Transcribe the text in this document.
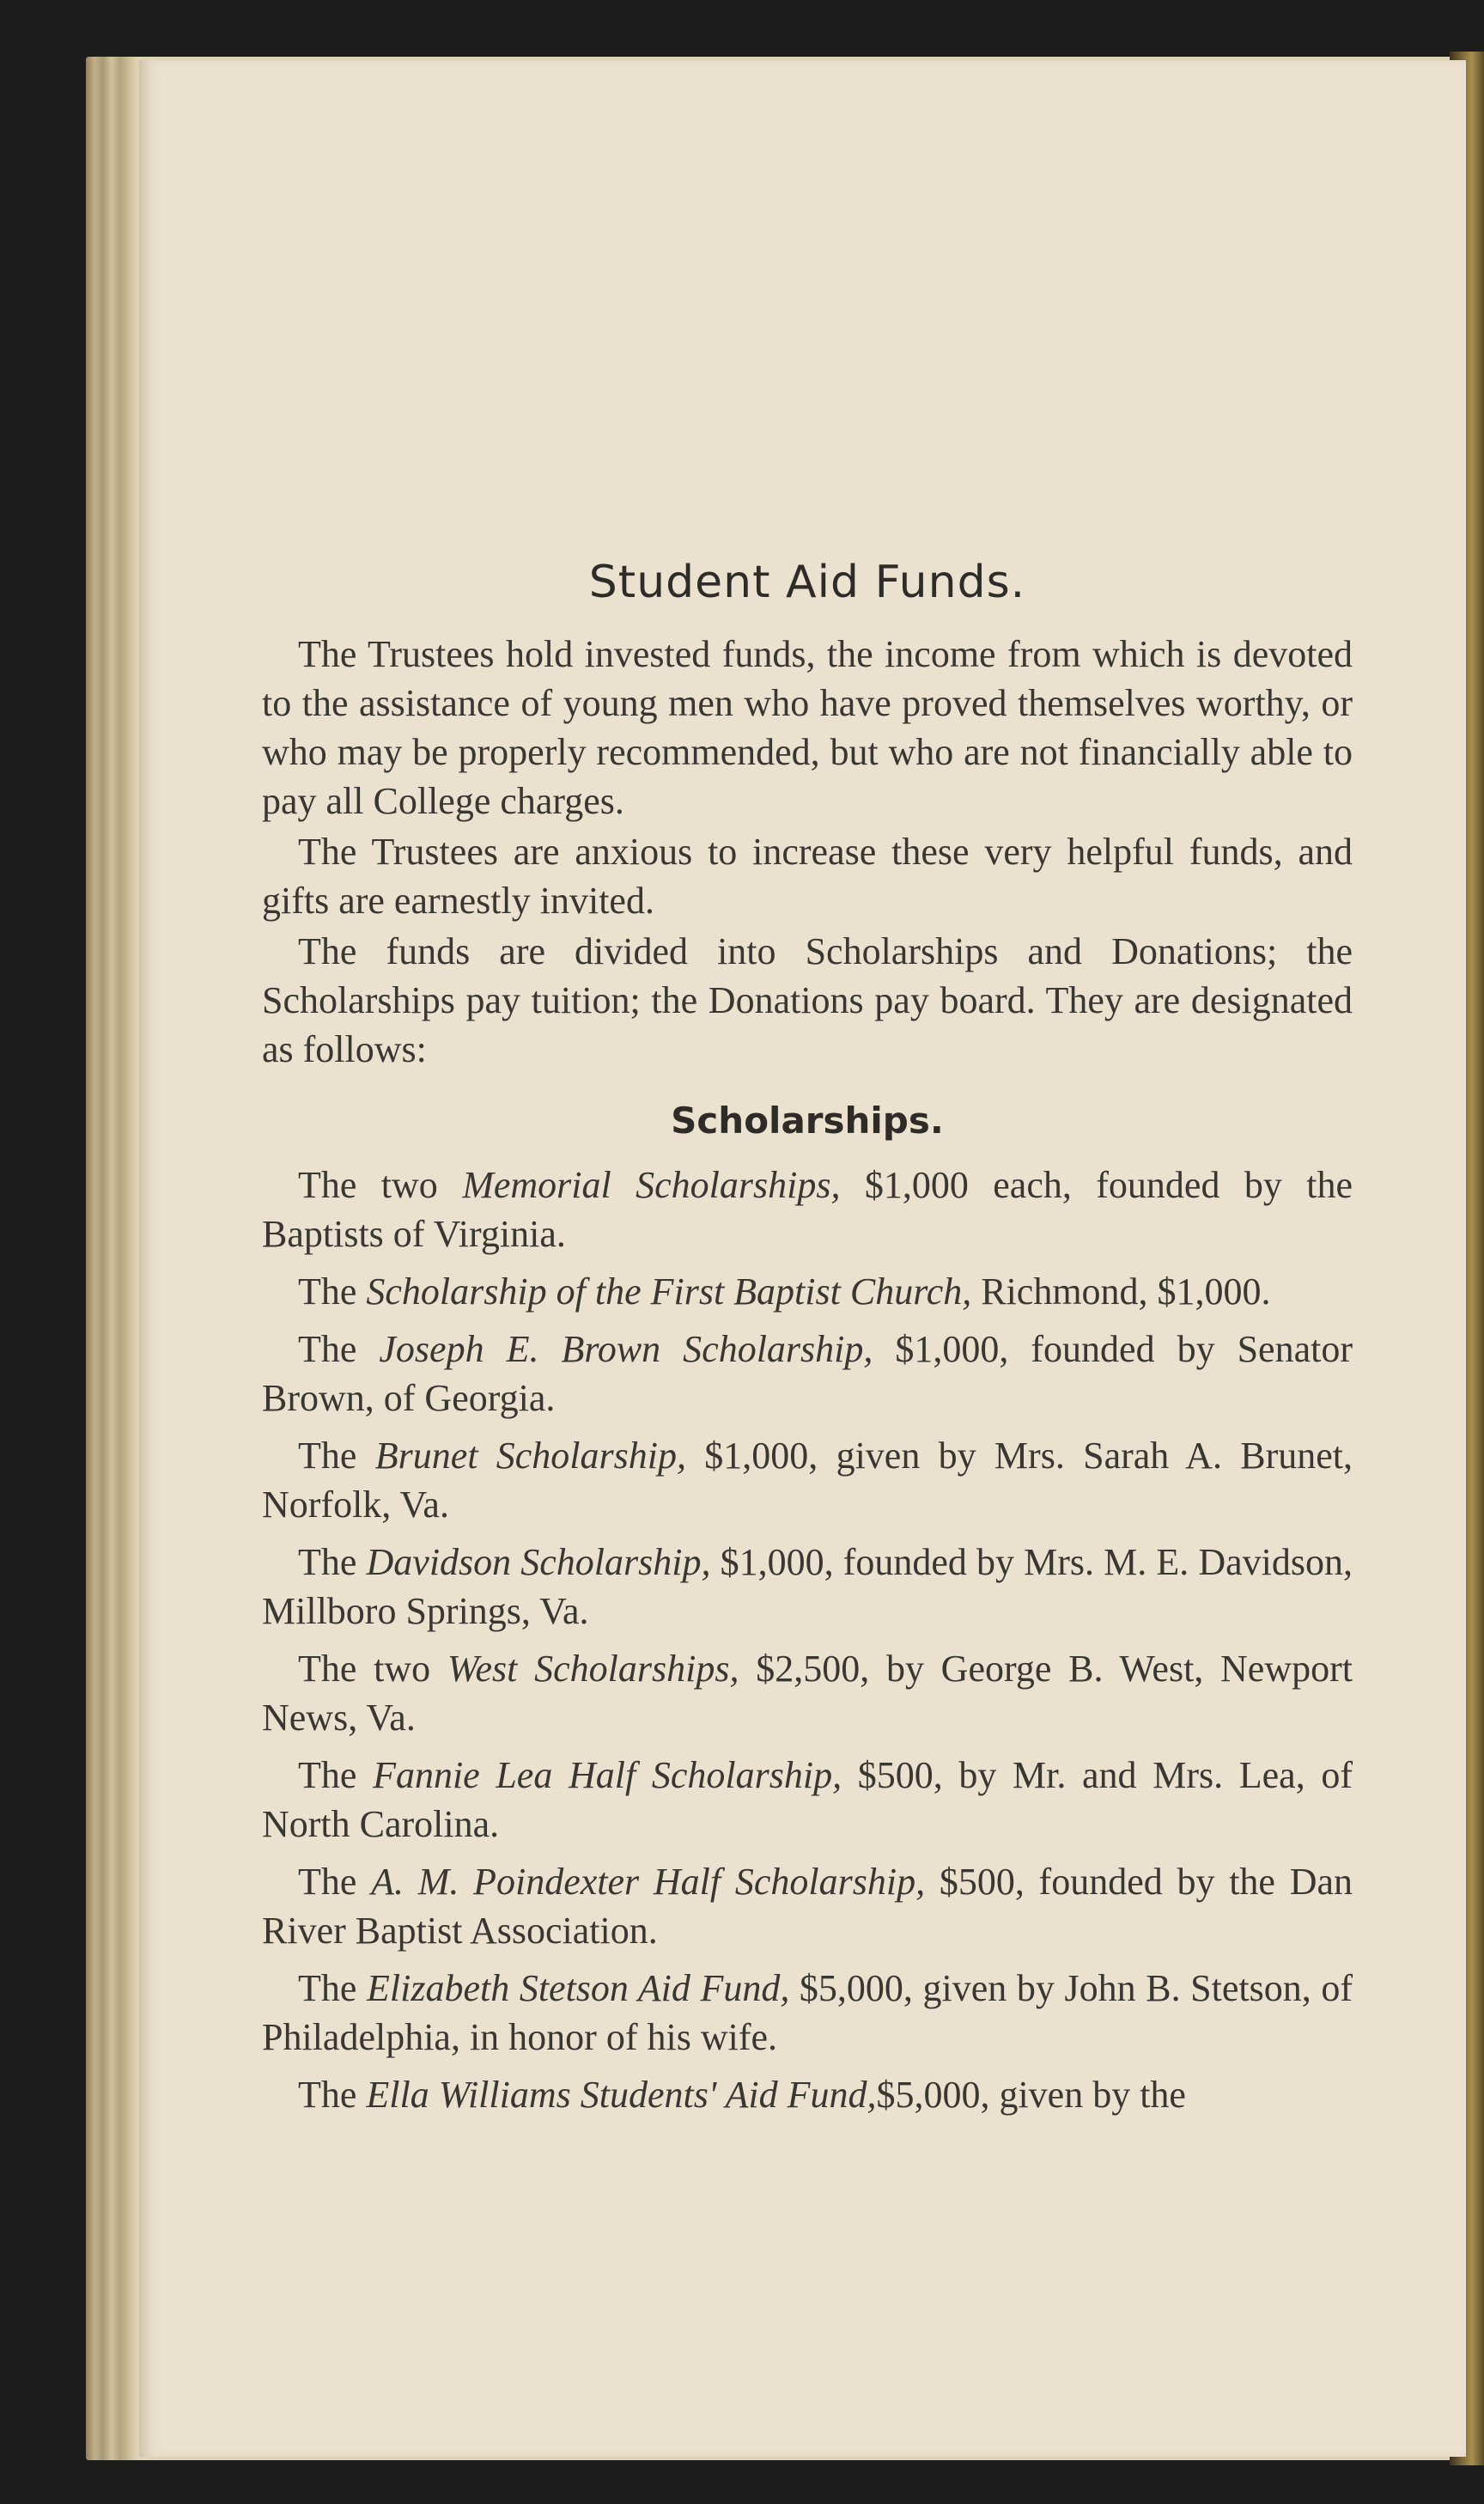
Student Aid Funds.

The Trustees hold invested funds, the income from which is devoted to the assistance of young men who have proved themselves worthy, or who may be properly recommended, but who are not financially able to pay all College charges.

The Trustees are anxious to increase these very helpful funds, and gifts are earnestly invited.

The funds are divided into Scholarships and Donations; the Scholarships pay tuition; the Donations pay board. They are designated as follows:

Scholarships.

The two Memorial Scholarships, $1,000 each, founded by the Baptists of Virginia.

The Scholarship of the First Baptist Church, Richmond, $1,000.

The Joseph E. Brown Scholarship, $1,000, founded by Senator Brown, of Georgia.

The Brunet Scholarship, $1,000, given by Mrs. Sarah A. Brunet, Norfolk, Va.

The Davidson Scholarship, $1,000, founded by Mrs. M. E. Davidson, Millboro Springs, Va.

The two West Scholarships, $2,500, by George B. West, Newport News, Va.

The Fannie Lea Half Scholarship, $500, by Mr. and Mrs. Lea, of North Carolina.

The A. M. Poindexter Half Scholarship, $500, founded by the Dan River Baptist Association.

The Elizabeth Stetson Aid Fund, $5,000, given by John B. Stetson, of Philadelphia, in honor of his wife.

The Ella Williams Students' Aid Fund,$5,000, given by the
